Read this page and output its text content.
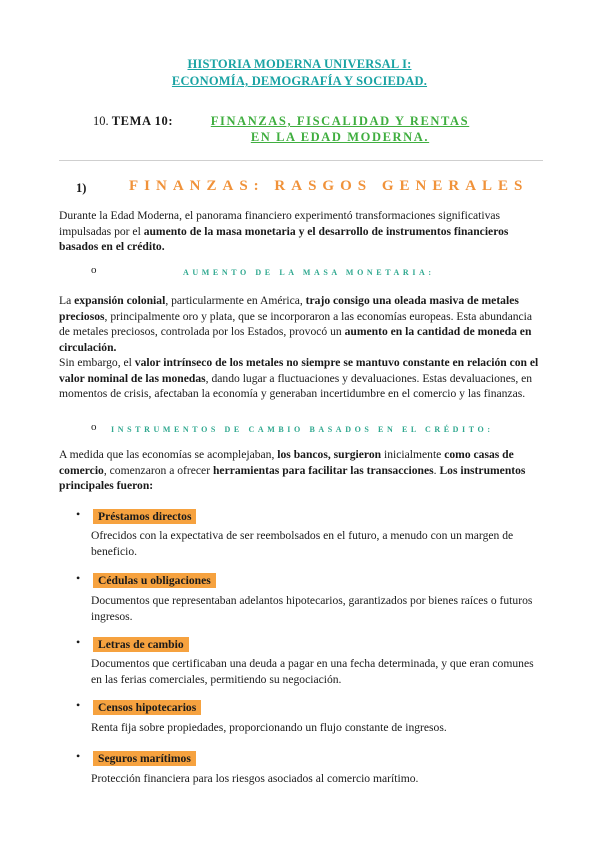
HISTORIA MODERNA UNIVERSAL I:
ECONOMÍA, DEMOGRAFÍA Y SOCIEDAD.
10. TEMA 10:	FINANZAS, FISCALIDAD Y RENTAS
EN LA EDAD MODERNA.
1)	FINANZAS: RASGOS GENERALES
Durante la Edad Moderna, el panorama financiero experimentó transformaciones significativas impulsadas por el aumento de la masa monetaria y el desarrollo de instrumentos financieros basados en el crédito.
o	AUMENTO DE LA MASA MONETARIA:
La expansión colonial, particularmente en América, trajo consigo una oleada masiva de metales preciosos, principalmente oro y plata, que se incorporaron a las economías europeas. Esta abundancia de metales preciosos, controlada por los Estados, provocó un aumento en la cantidad de moneda en circulación.
Sin embargo, el valor intrínseco de los metales no siempre se mantuvo constante en relación con el valor nominal de las monedas, dando lugar a fluctuaciones y devaluaciones. Estas devaluaciones, en momentos de crisis, afectaban la economía y generaban incertidumbre en el comercio y las finanzas.
o INSTRUMENTOS DE CAMBIO BASADOS EN EL CRÉDITO:
A medida que las economías se acomplejaban, los bancos, surgieron inicialmente como casas de comercio, comenzaron a ofrecer herramientas para facilitar las transacciones. Los instrumentos principales fueron:
•	Préstamos directos
Ofrecidos con la expectativa de ser reembolsados en el futuro, a menudo con un margen de beneficio.
•	Cédulas u obligaciones
Documentos que representaban adelantos hipotecarios, garantizados por bienes raíces o futuros ingresos.
•	Letras de cambio
Documentos que certificaban una deuda a pagar en una fecha determinada, y que eran comunes en las ferias comerciales, permitiendo su negociación.
•	Censos hipotecarios
Renta fija sobre propiedades, proporcionando un flujo constante de ingresos.
•	Seguros marítimos
Protección financiera para los riesgos asociados al comercio marítimo.
